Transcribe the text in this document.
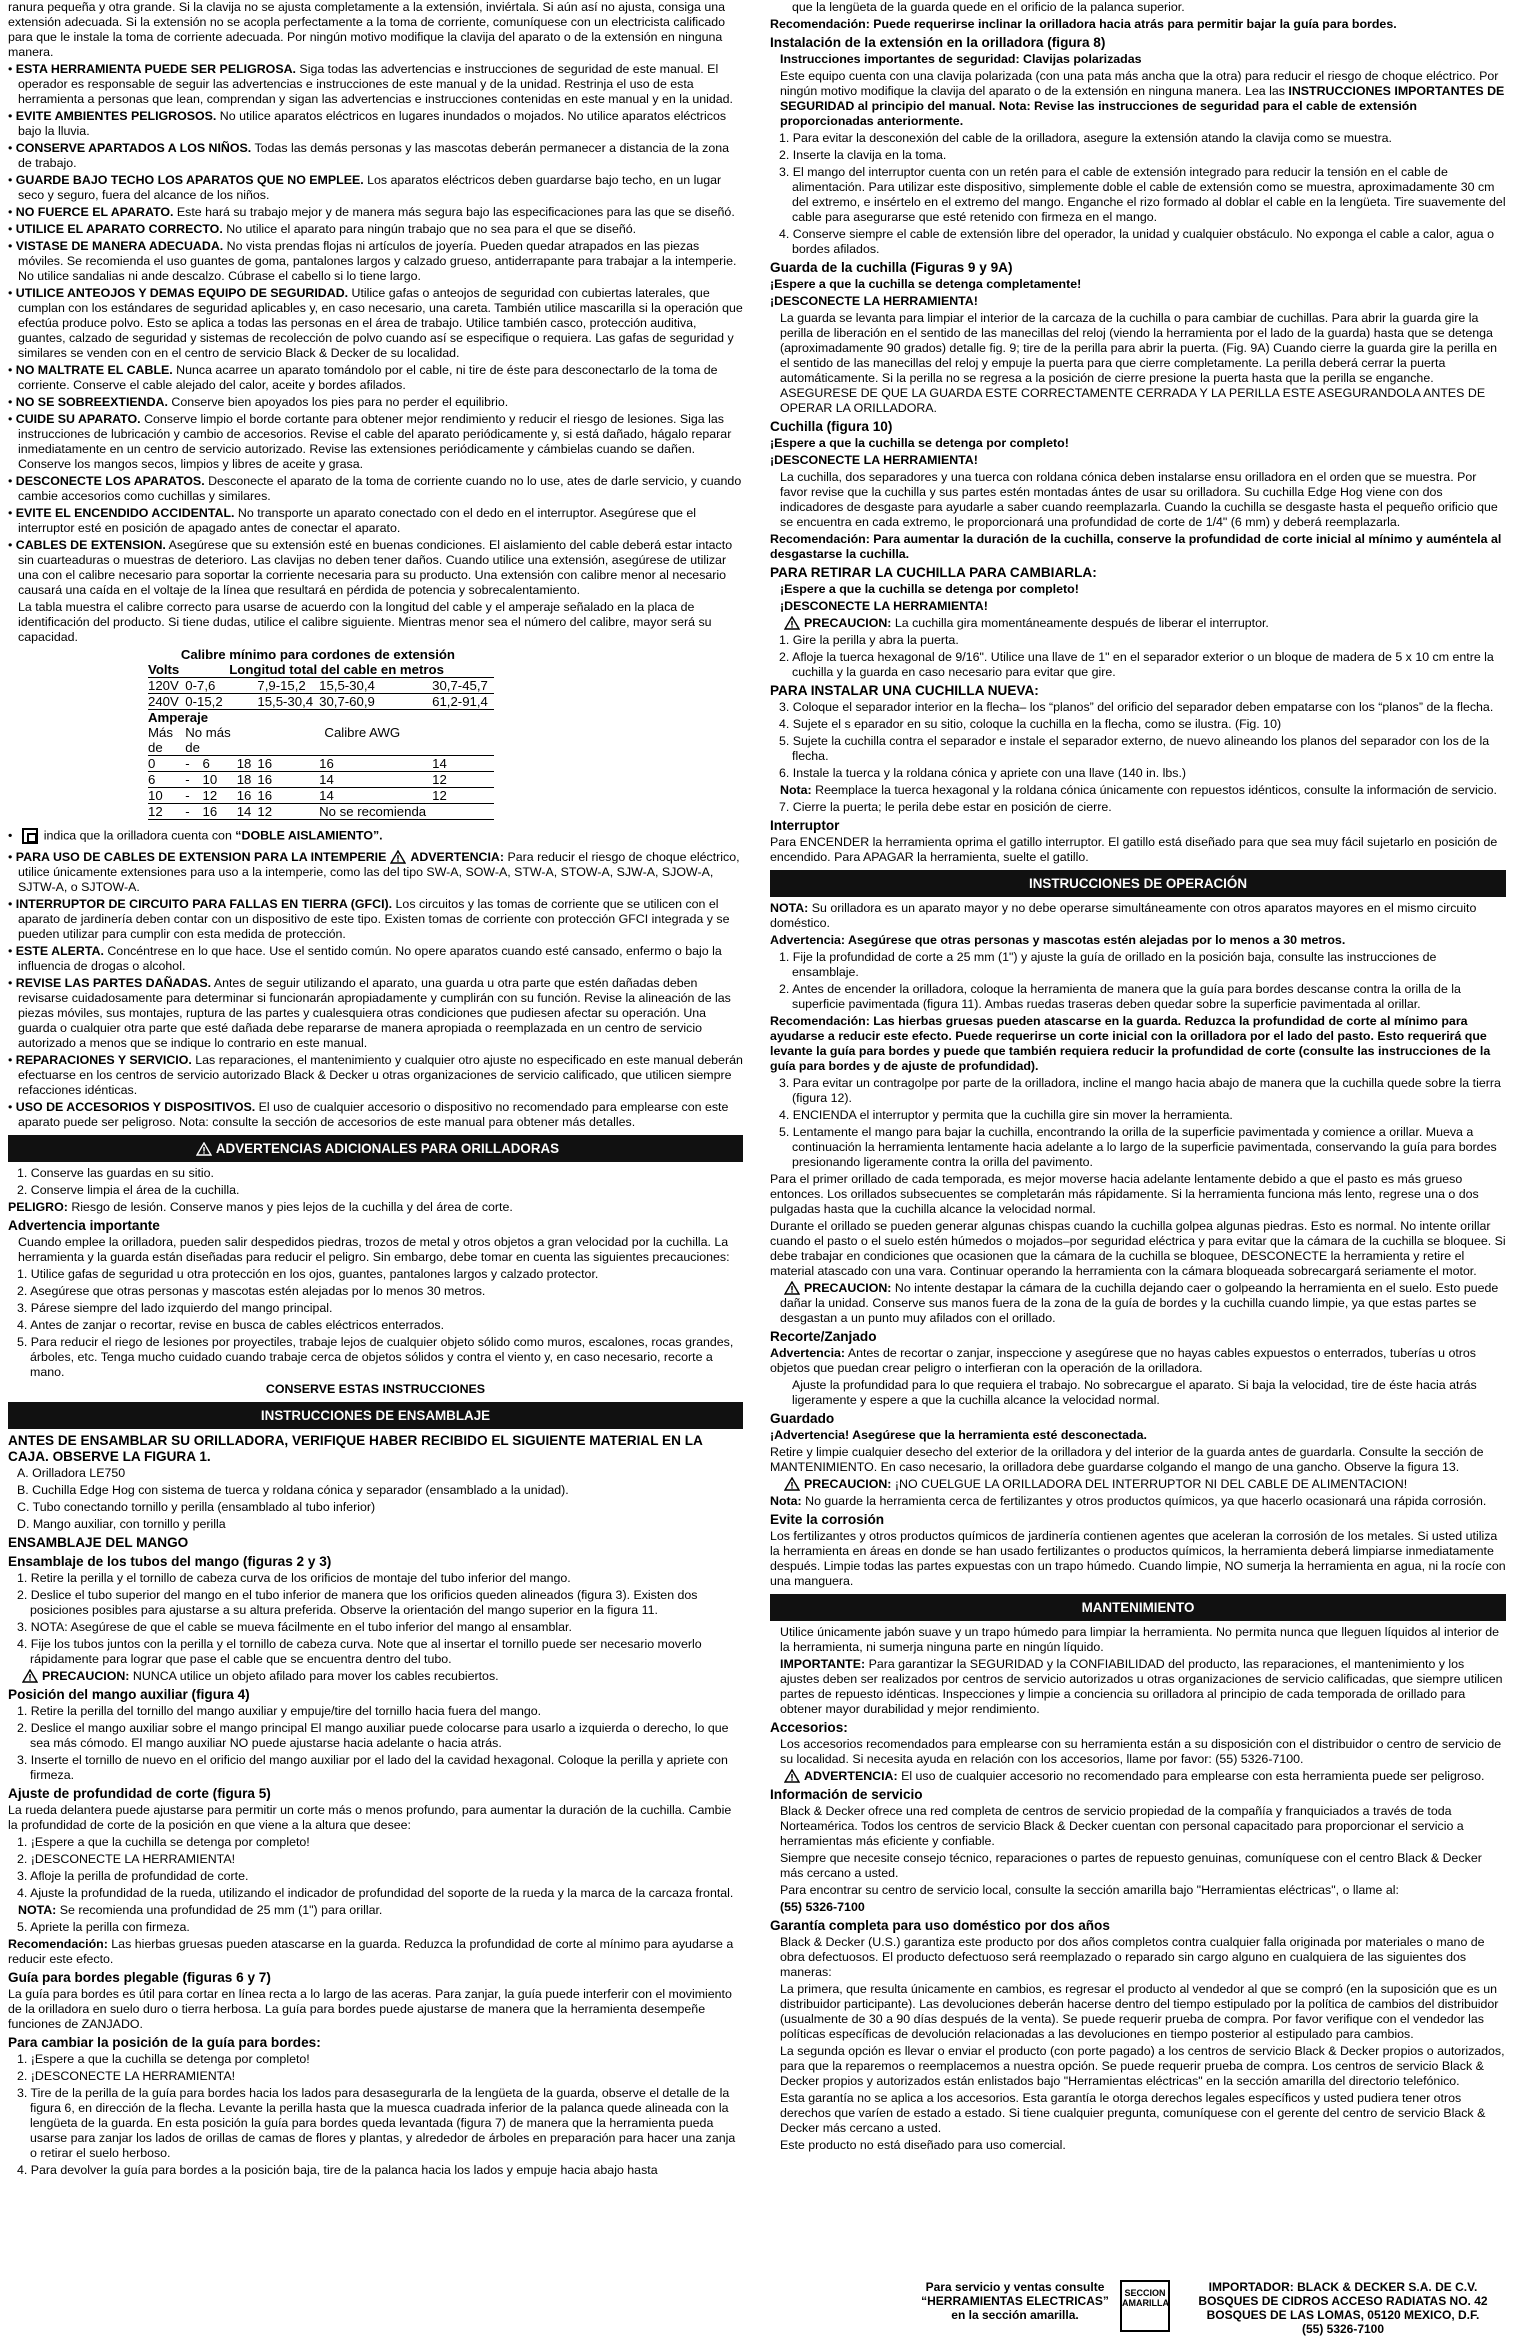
ranura pequeña y otra grande. Si la clavija no se ajusta completamente a la extensión, inviértala. Si aún así no ajusta, consiga una extensión adecuada. Si la extensión no se acopla perfectamente a la toma de corriente, comuníquese con un electricista calificado para que le instale la toma de corriente adecuada. Por ningún motivo modifique la clavija del aparato o de la extensión en ninguna manera.

• ESTA HERRAMIENTA PUEDE SER PELIGROSA. Siga todas las advertencias e instrucciones de seguridad de este manual. El operador es responsable de seguir las advertencias e instrucciones de este manual y de la unidad. Restrinja el uso de esta herramienta a personas que lean, comprendan y sigan las advertencias e instrucciones contenidas en este manual y en la unidad.

• EVITE AMBIENTES PELIGROSOS. No utilice aparatos eléctricos en lugares inundados o mojados. No utilice aparatos eléctricos bajo la lluvia.

• CONSERVE APARTADOS A LOS NIÑOS. Todas las demás personas y las mascotas deberán permanecer a distancia de la zona de trabajo.

• GUARDE BAJO TECHO LOS APARATOS QUE NO EMPLEE. Los aparatos eléctricos deben guardarse bajo techo, en un lugar seco y seguro, fuera del alcance de los niños.

• NO FUERCE EL APARATO. Este hará su trabajo mejor y de manera más segura bajo las especificaciones para las que se diseñó.

• UTILICE EL APARATO CORRECTO. No utilice el aparato para ningún trabajo que no sea para el que se diseñó.

• VISTASE DE MANERA ADECUADA. No vista prendas flojas ni artículos de joyería. Pueden quedar atrapados en las piezas móviles. Se recomienda el uso guantes de goma, pantalones largos y calzado grueso, antiderrapante para trabajar a la intemperie. No utilice sandalias ni ande descalzo. Cúbrase el cabello si lo tiene largo.

• UTILICE ANTEOJOS Y DEMAS EQUIPO DE SEGURIDAD. Utilice gafas o anteojos de seguridad con cubiertas laterales, que cumplan con los estándares de seguridad aplicables y, en caso necesario, una careta. También utilice mascarilla si la operación que efectúa produce polvo. Esto se aplica a todas las personas en el área de trabajo. Utilice también casco, protección auditiva, guantes, calzado de seguridad y sistemas de recolección de polvo cuando así se especifique o requiera. Las gafas de seguridad y similares se venden con en el centro de servicio Black & Decker de su localidad.

• NO MALTRATE EL CABLE. Nunca acarree un aparato tomándolo por el cable, ni tire de éste para desconectarlo de la toma de corriente. Conserve el cable alejado del calor, aceite y bordes afilados.

• NO SE SOBREEXTIENDA. Conserve bien apoyados los pies para no perder el equilibrio.

• CUIDE SU APARATO. Conserve limpio el borde cortante para obtener mejor rendimiento y reducir el riesgo de lesiones. Siga las instrucciones de lubricación y cambio de accesorios. Revise el cable del aparato periódicamente y, si está dañado, hágalo reparar inmediatamente en un centro de servicio autorizado. Revise las extensiones periódicamente y cámbielas cuando se dañen. Conserve los mangos secos, limpios y libres de aceite y grasa.

• DESCONECTE LOS APARATOS. Desconecte el aparato de la toma de corriente cuando no lo use, ates de darle servicio, y cuando cambie accesorios como cuchillas y similares.

• EVITE EL ENCENDIDO ACCIDENTAL. No transporte un aparato conectado con el dedo en el interruptor. Asegúrese que el interruptor esté en posición de apagado antes de conectar el aparato.

• CABLES DE EXTENSION. Asegúrese que su extensión esté en buenas condiciones. El aislamiento del cable deberá estar intacto sin cuarteaduras o muestras de deterioro. Las clavijas no deben tener daños. Cuando utilice una extensión, asegúrese de utilizar una con el calibre necesario para soportar la corriente necesaria para su producto. Una extensión con calibre menor al necesario causará una caída en el voltaje de la línea que resultará en pérdida de potencia y sobrecalentamiento.

La tabla muestra el calibre correcto para usarse de acuerdo con la longitud del cable y el amperaje señalado en la placa de identificación del producto. Si tiene dudas, utilice el calibre siguiente. Mientras menor sea el número del calibre, mayor será su capacidad.

Calibre mínimo para cordones de extensión						
Volts	Longitud total del cable en metros					
120V	0-7,6			7,9-15,2	15,5-30,4	30,7-45,7
240V	0-15,2			15,5-30,4	30,7-60,9	61,2-91,4
Amperaje						
Más	No más		Calibre AWG			
de	de					
0	-	6	18	16	16	14
6	-	10	18	16	14	12
10	-	12	16	16	14	12
12	-	16	14	12	No se recomienda	

• indica que la orilladora cuenta con “DOBLE AISLAMIENTO”.

• PARA USO DE CABLES DE EXTENSION PARA LA INTEMPERIE ADVERTENCIA: Para reducir el riesgo de choque eléctrico, utilice únicamente extensiones para uso a la intemperie, como las del tipo SW-A, SOW-A, STW-A, STOW-A, SJW-A, SJOW-A, SJTW-A, o SJTOW-A.

• INTERRUPTOR DE CIRCUITO PARA FALLAS EN TIERRA (GFCI). Los circuitos y las tomas de corriente que se utilicen con el aparato de jardinería deben contar con un dispositivo de este tipo. Existen tomas de corriente con protección GFCI integrada y se pueden utilizar para cumplir con esta medida de protección.

• ESTE ALERTA. Concéntrese en lo que hace. Use el sentido común. No opere aparatos cuando esté cansado, enfermo o bajo la influencia de drogas o alcohol.

• REVISE LAS PARTES DAÑADAS. Antes de seguir utilizando el aparato, una guarda u otra parte que estén dañadas deben revisarse cuidadosamente para determinar si funcionarán apropiadamente y cumplirán con su función. Revise la alineación de las piezas móviles, sus montajes, ruptura de las partes y cualesquiera otras condiciones que pudiesen afectar su operación. Una guarda o cualquier otra parte que esté dañada debe repararse de manera apropiada o reemplazada en un centro de servicio autorizado a menos que se indique lo contrario en este manual.

• REPARACIONES Y SERVICIO. Las reparaciones, el mantenimiento y cualquier otro ajuste no especificado en este manual deberán efectuarse en los centros de servicio autorizado Black & Decker u otras organizaciones de servicio calificado, que utilicen siempre refacciones idénticas.

• USO DE ACCESORIOS Y DISPOSITIVOS. El uso de cualquier accesorio o dispositivo no recomendado para emplearse con este aparato puede ser peligroso. Nota: consulte la sección de accesorios de este manual para obtener más detalles.

ADVERTENCIAS ADICIONALES PARA ORILLADORAS

1. Conserve las guardas en su sitio.

2. Conserve limpia el área de la cuchilla.

PELIGRO: Riesgo de lesión. Conserve manos y pies lejos de la cuchilla y del área de corte.

Advertencia importante

Cuando emplee la orilladora, pueden salir despedidos piedras, trozos de metal y otros objetos a gran velocidad por la cuchilla. La herramienta y la guarda están diseñadas para reducir el peligro. Sin embargo, debe tomar en cuenta las siguientes precauciones:

1. Utilice gafas de seguridad u otra protección en los ojos, guantes, pantalones largos y calzado protector.

2. Asegúrese que otras personas y mascotas estén alejadas por lo menos 30 metros.

3. Párese siempre del lado izquierdo del mango principal.

4. Antes de zanjar o recortar, revise en busca de cables eléctricos enterrados.

5. Para reducir el riego de lesiones por proyectiles, trabaje lejos de cualquier objeto sólido como muros, escalones, rocas grandes, árboles, etc. Tenga mucho cuidado cuando trabaje cerca de objetos sólidos y contra el viento y, en caso necesario, recorte a mano.

CONSERVE ESTAS INSTRUCCIONES

INSTRUCCIONES DE ENSAMBLAJE

ANTES DE ENSAMBLAR SU ORILLADORA, VERIFIQUE HABER RECIBIDO EL SIGUIENTE MATERIAL EN LA CAJA. OBSERVE LA FIGURA 1.

A. Orilladora LE750

B. Cuchilla Edge Hog con sistema de tuerca y roldana cónica y separador (ensamblado a la unidad).

C. Tubo conectando tornillo y perilla (ensamblado al tubo inferior)

D. Mango auxiliar, con tornillo y perilla

ENSAMBLAJE DEL MANGO

Ensamblaje de los tubos del mango (figuras 2 y 3)

1. Retire la perilla y el tornillo de cabeza curva de los orificios de montaje del tubo inferior del mango.

2. Deslice el tubo superior del mango en el tubo inferior de manera que los orificios queden alineados (figura 3). Existen dos posiciones posibles para ajustarse a su altura preferida. Observe la orientación del mango superior en la figura 11.

3. NOTA: Asegúrese de que el cable se mueva fácilmente en el tubo inferior del mango al ensamblar.

4. Fije los tubos juntos con la perilla y el tornillo de cabeza curva. Note que al insertar el tornillo puede ser necesario moverlo rápidamente para lograr que pase el cable que se encuentra dentro del tubo.

PRECAUCION: NUNCA utilice un objeto afilado para mover los cables recubiertos.

Posición del mango auxiliar (figura 4)

1. Retire la perilla del tornillo del mango auxiliar y empuje/tire del tornillo hacia fuera del mango.

2. Deslice el mango auxiliar sobre el mango principal El mango auxiliar puede colocarse para usarlo a izquierda o derecho, lo que sea más cómodo. El mango auxiliar NO puede ajustarse hacia adelante o hacia atrás.

3. Inserte el tornillo de nuevo en el orificio del mango auxiliar por el lado del la cavidad hexagonal. Coloque la perilla y apriete con firmeza.

Ajuste de profundidad de corte (figura 5)

La rueda delantera puede ajustarse para permitir un corte más o menos profundo, para aumentar la duración de la cuchilla. Cambie la profundidad de corte de la posición en que viene a la altura que desee:

1. ¡Espere a que la cuchilla se detenga por completo!

2. ¡DESCONECTE LA HERRAMIENTA!

3. Afloje la perilla de profundidad de corte.

4. Ajuste la profundidad de la rueda, utilizando el indicador de profundidad del soporte de la rueda y la marca de la carcaza frontal.

NOTA: Se recomienda una profundidad de 25 mm (1") para orillar.

5. Apriete la perilla con firmeza.

Recomendación: Las hierbas gruesas pueden atascarse en la guarda. Reduzca la profundidad de corte al mínimo para ayudarse a reducir este efecto.

Guía para bordes plegable (figuras 6 y 7)

La guía para bordes es útil para cortar en línea recta a lo largo de las aceras. Para zanjar, la guía puede interferir con el movimiento de la orilladora en suelo duro o tierra herbosa. La guía para bordes puede ajustarse de manera que la herramienta desempeñe funciones de ZANJADO.

Para cambiar la posición de la guía para bordes:

1. ¡Espere a que la cuchilla se detenga por completo!

2. ¡DESCONECTE LA HERRAMIENTA!

3. Tire de la perilla de la guía para bordes hacia los lados para desasegurarla de la lengüeta de la guarda, observe el detalle de la figura 6, en dirección de la flecha. Levante la perilla hasta que la muesca cuadrada inferior de la palanca quede alineada con la lengüeta de la guarda. En esta posición la guía para bordes queda levantada (figura 7) de manera que la herramienta pueda usarse para zanjar los lados de orillas de camas de flores y plantas, y alrededor de árboles en preparación para hacer una zanja o retirar el suelo herboso.

4. Para devolver la guía para bordes a la posición baja, tire de la palanca hacia los lados y empuje hacia abajo hasta

que la lengüeta de la guarda quede en el orificio de la palanca superior.

Recomendación: Puede requerirse inclinar la orilladora hacia atrás para permitir bajar la guía para bordes.

Instalación de la extensión en la orilladora (figura 8)

Instrucciones importantes de seguridad: Clavijas polarizadas

Este equipo cuenta con una clavija polarizada (con una pata más ancha que la otra) para reducir el riesgo de choque eléctrico. Por ningún motivo modifique la clavija del aparato o de la extensión en ninguna manera. Lea las INSTRUCCIONES IMPORTANTES DE SEGURIDAD al principio del manual. Nota: Revise las instrucciones de seguridad para el cable de extensión proporcionadas anteriormente.

1. Para evitar la desconexión del cable de la orilladora, asegure la extensión atando la clavija como se muestra.

2. Inserte la clavija en la toma.

3. El mango del interruptor cuenta con un retén para el cable de extensión integrado para reducir la tensión en el cable de alimentación. Para utilizar este dispositivo, simplemente doble el cable de extensión como se muestra, aproximadamente 30 cm del extremo, e insértelo en el extremo del mango. Enganche el rizo formado al doblar el cable en la lengüeta. Tire suavemente del cable para asegurarse que esté retenido con firmeza en el mango.

4. Conserve siempre el cable de extensión libre del operador, la unidad y cualquier obstáculo. No exponga el cable a calor, agua o bordes afilados.

Guarda de la cuchilla (Figuras 9 y 9A)

¡Espere a que la cuchilla se detenga completamente!

¡DESCONECTE LA HERRAMIENTA!

La guarda se levanta para limpiar el interior de la carcaza de la cuchilla o para cambiar de cuchillas. Para abrir la guarda gire la perilla de liberación en el sentido de las manecillas del reloj (viendo la herramienta por el lado de la guarda) hasta que se detenga (aproximadamente 90 grados) detalle fig. 9; tire de la perilla para abrir la puerta. (Fig. 9A) Cuando cierre la guarda gire la perilla en el sentido de las manecillas del reloj y empuje la puerta para que cierre completamente. La perilla deberá cerrar la puerta automáticamente. Si la perilla no se regresa a la posición de cierre presione la puerta hasta que la perilla se enganche. ASEGURESE DE QUE LA GUARDA ESTE CORRECTAMENTE CERRADA Y LA PERILLA ESTE ASEGURANDOLA ANTES DE OPERAR LA ORILLADORA.

Cuchilla (figura 10)

¡Espere a que la cuchilla se detenga por completo!

¡DESCONECTE LA HERRAMIENTA!

La cuchilla, dos separadores y una tuerca con roldana cónica deben instalarse ensu orilladora en el orden que se muestra. Por favor revise que la cuchilla y sus partes estén montadas ántes de usar su orilladora. Su cuchilla Edge Hog viene con dos indicadores de desgaste para ayudarle a saber cuando reemplazarla. Cuando la cuchilla se desgaste hasta el pequeño orificio que se encuentra en cada extremo, le proporcionará una profundidad de corte de 1/4" (6 mm) y deberá reemplazarla.

Recomendación: Para aumentar la duración de la cuchilla, conserve la profundidad de corte inicial al mínimo y auméntela al desgastarse la cuchilla.

PARA RETIRAR LA CUCHILLA PARA CAMBIARLA:

¡Espere a que la cuchilla se detenga por completo!

¡DESCONECTE LA HERRAMIENTA!

PRECAUCION: La cuchilla gira momentáneamente después de liberar el interruptor.

1. Gire la perilla y abra la puerta.

2. Afloje la tuerca hexagonal de 9/16". Utilice una llave de 1" en el separador exterior o un bloque de madera de 5 x 10 cm entre la cuchilla y la guarda en caso necesario para evitar que gire.

PARA INSTALAR UNA CUCHILLA NUEVA:

3. Coloque el separador interior en la flecha– los “planos” del orificio del separador deben empatarse con los “planos” de la flecha.

4. Sujete el s eparador en su sitio, coloque la cuchilla en la flecha, como se ilustra. (Fig. 10)

5. Sujete la cuchilla contra el separador e instale el separador externo, de nuevo alineando los planos del separador con los de la flecha.

6. Instale la tuerca y la roldana cónica y apriete con una llave (140 in. lbs.)

Nota: Reemplace la tuerca hexagonal y la roldana cónica únicamente con repuestos idénticos, consulte la información de servicio.

7. Cierre la puerta; le perila debe estar en posición de cierre.

Interruptor

Para ENCENDER la herramienta oprima el gatillo interruptor. El gatillo está diseñado para que sea muy fácil sujetarlo en posición de encendido. Para APAGAR la herramienta, suelte el gatillo.

INSTRUCCIONES DE OPERACIÓN

NOTA: Su orilladora es un aparato mayor y no debe operarse simultáneamente con otros aparatos mayores en el mismo circuito doméstico.

Advertencia: Asegúrese que otras personas y mascotas estén alejadas por lo menos a 30 metros.

1. Fije la profundidad de corte a 25 mm (1") y ajuste la guía de orillado en la posición baja, consulte las instrucciones de ensamblaje.

2. Antes de encender la orilladora, coloque la herramienta de manera que la guía para bordes descanse contra la orilla de la superficie pavimentada (figura 11). Ambas ruedas traseras deben quedar sobre la superficie pavimentada al orillar.

Recomendación: Las hierbas gruesas pueden atascarse en la guarda. Reduzca la profundidad de corte al mínimo para ayudarse a reducir este efecto. Puede requerirse un corte inicial con la orilladora por el lado del pasto. Esto requerirá que levante la guía para bordes y puede que también requiera reducir la profundidad de corte (consulte las instrucciones de la guía para bordes y de ajuste de profundidad).

3. Para evitar un contragolpe por parte de la orilladora, incline el mango hacia abajo de manera que la cuchilla quede sobre la tierra (figura 12).

4. ENCIENDA el interruptor y permita que la cuchilla gire sin mover la herramienta.

5. Lentamente el mango para bajar la cuchilla, encontrando la orilla de la superficie pavimentada y comience a orillar. Mueva a continuación la herramienta lentamente hacia adelante a lo largo de la superficie pavimentada, conservando la guía para bordes presionando ligeramente contra la orilla del pavimento.

Para el primer orillado de cada temporada, es mejor moverse hacia adelante lentamente debido a que el pasto es más grueso entonces. Los orillados subsecuentes se completarán más rápidamente. Si la herramienta funciona más lento, regrese una o dos pulgadas hasta que la cuchilla alcance la velocidad normal.

Durante el orillado se pueden generar algunas chispas cuando la cuchilla golpea algunas piedras. Esto es normal. No intente orillar cuando el pasto o el suelo estén húmedos o mojados–por seguridad eléctrica y para evitar que la cámara de la cuchilla se bloquee. Si debe trabajar en condiciones que ocasionen que la cámara de la cuchilla se bloquee, DESCONECTE la herramienta y retire el material atascado con una vara. Continuar operando la herramienta con la cámara bloqueada sobrecargará seriamente el motor.

PRECAUCION: No intente destapar la cámara de la cuchilla dejando caer o golpeando la herramienta en el suelo. Esto puede dañar la unidad. Conserve sus manos fuera de la zona de la guía de bordes y la cuchilla cuando limpie, ya que estas partes se desgastan a un punto muy afilados con el orillado.

Recorte/Zanjado

Advertencia: Antes de recortar o zanjar, inspeccione y asegúrese que no hayas cables expuestos o enterrados, tuberías u otros objetos que puedan crear peligro o interfieran con la operación de la orilladora.

Ajuste la profundidad para lo que requiera el trabajo. No sobrecargue el aparato. Si baja la velocidad, tire de éste hacia atrás ligeramente y espere a que la cuchilla alcance la velocidad normal.

Guardado

¡Advertencia! Asegúrese que la herramienta esté desconectada.

Retire y limpie cualquier desecho del exterior de la orilladora y del interior de la guarda antes de guardarla. Consulte la sección de MANTENIMIENTO. En caso necesario, la orilladora debe guardarse colgando el mango de una gancho. Observe la figura 13.

PRECAUCION: ¡NO CUELGUE LA ORILLADORA DEL INTERRUPTOR NI DEL CABLE DE ALIMENTACION!

Nota: No guarde la herramienta cerca de fertilizantes y otros productos químicos, ya que hacerlo ocasionará una rápida corrosión.

Evite la corrosión

Los fertilizantes y otros productos químicos de jardinería contienen agentes que aceleran la corrosión de los metales. Si usted utiliza la herramienta en áreas en donde se han usado fertilizantes o productos químicos, la herramienta deberá limpiarse inmediatamente después. Limpie todas las partes expuestas con un trapo húmedo. Cuando limpie, NO sumerja la herramienta en agua, ni la rocíe con una manguera.

MANTENIMIENTO

Utilice únicamente jabón suave y un trapo húmedo para limpiar la herramienta. No permita nunca que lleguen líquidos al interior de la herramienta, ni sumerja ninguna parte en ningún líquido.

IMPORTANTE: Para garantizar la SEGURIDAD y la CONFIABILIDAD del producto, las reparaciones, el mantenimiento y los ajustes deben ser realizados por centros de servicio autorizados u otras organizaciones de servicio calificadas, que siempre utilicen partes de repuesto idénticas. Inspecciones y limpie a conciencia su orilladora al principio de cada temporada de orillado para obtener mayor durabilidad y mejor rendimiento.

Accesorios:

Los accesorios recomendados para emplearse con su herramienta están a su disposición con el distribuidor o centro de servicio de su localidad. Si necesita ayuda en relación con los accesorios, llame por favor: (55) 5326-7100.

ADVERTENCIA: El uso de cualquier accesorio no recomendado para emplearse con esta herramienta puede ser peligroso.

Información de servicio

Black & Decker ofrece una red completa de centros de servicio propiedad de la compañía y franquiciados a través de toda Norteamérica. Todos los centros de servicio Black & Decker cuentan con personal capacitado para proporcionar el servicio a herramientas más eficiente y confiable.

Siempre que necesite consejo técnico, reparaciones o partes de repuesto genuinas, comuníquese con el centro Black & Decker más cercano a usted.

Para encontrar su centro de servicio local, consulte la sección amarilla bajo "Herramientas eléctricas", o llame al:

(55) 5326-7100

Garantía completa para uso doméstico por dos años

Black & Decker (U.S.) garantiza este producto por dos años completos contra cualquier falla originada por materiales o mano de obra defectuosos. El producto defectuoso será reemplazado o reparado sin cargo alguno en cualquiera de las siguientes dos maneras:

La primera, que resulta únicamente en cambios, es regresar el producto al vendedor al que se compró (en la suposición que es un distribuidor participante). Las devoluciones deberán hacerse dentro del tiempo estipulado por la política de cambios del distribuidor (usualmente de 30 a 90 días después de la venta). Se puede requerir prueba de compra. Por favor verifique con el vendedor las políticas específicas de devolución relacionadas a las devoluciones en tiempo posterior al estipulado para cambios.

La segunda opción es llevar o enviar el producto (con porte pagado) a los centros de servicio Black & Decker propios o autorizados, para que la reparemos o reemplacemos a nuestra opción. Se puede requerir prueba de compra. Los centros de servicio Black & Decker propios y autorizados están enlistados bajo "Herramientas eléctricas" en la sección amarilla del directorio telefónico.

Esta garantía no se aplica a los accesorios. Esta garantía le otorga derechos legales específicos y usted pudiera tener otros derechos que varíen de estado a estado. Si tiene cualquier pregunta, comuníquese con el gerente del centro de servicio Black & Decker más cercano a usted.

Este producto no está diseñado para uso comercial.

Para servicio y ventas consulte
“HERRAMIENTAS ELECTRICAS”
en la sección amarilla.
SECCION AMARILLA
IMPORTADOR: BLACK & DECKER S.A. DE C.V.
BOSQUES DE CIDROS ACCESO RADIATAS NO. 42
BOSQUES DE LAS LOMAS, 05120 MEXICO, D.F.
(55) 5326-7100
